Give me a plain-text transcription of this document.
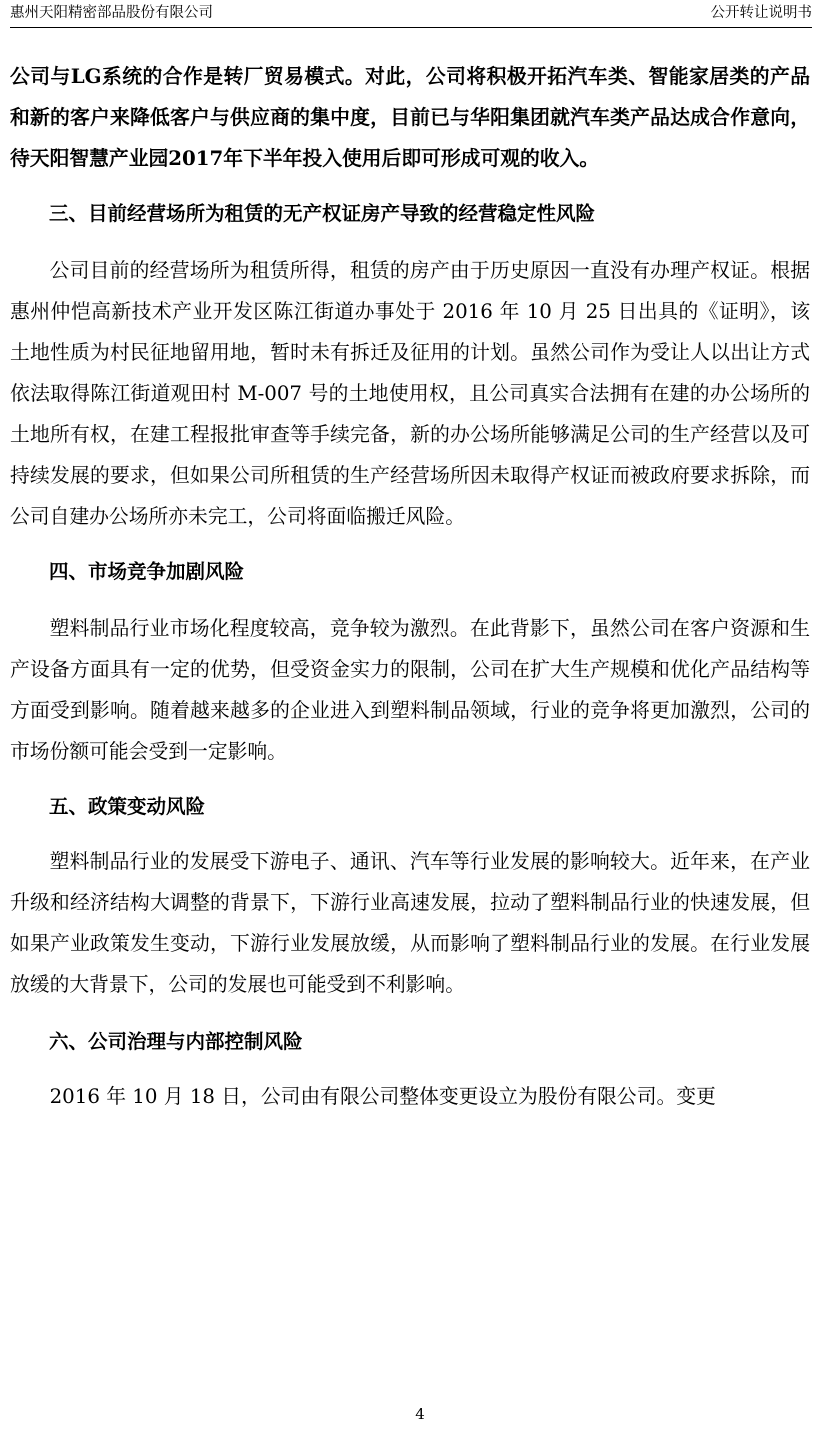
惠州天阳精密部品股份有限公司	公开转让说明书

公司与LG系统的合作是转厂贸易模式。对此，公司将积极开拓汽车类、智能家居类的产品和新的客户来降低客户与供应商的集中度，目前已与华阳集团就汽车类产品达成合作意向，待天阳智慧产业园2017年下半年投入使用后即可形成可观的收入。

三、目前经营场所为租赁的无产权证房产导致的经营稳定性风险

公司目前的经营场所为租赁所得，租赁的房产由于历史原因一直没有办理产权证。根据惠州仲恺高新技术产业开发区陈江街道办事处于 2016 年 10 月 25 日出具的《证明》，该土地性质为村民征地留用地，暂时未有拆迁及征用的计划。虽然公司作为受让人以出让方式依法取得陈江街道观田村 M-007 号的土地使用权，且公司真实合法拥有在建的办公场所的土地所有权，在建工程报批审查等手续完备，新的办公场所能够满足公司的生产经营以及可持续发展的要求，但如果公司所租赁的生产经营场所因未取得产权证而被政府要求拆除，而公司自建办公场所亦未完工，公司将面临搬迁风险。

四、市场竞争加剧风险

塑料制品行业市场化程度较高，竞争较为激烈。在此背影下，虽然公司在客户资源和生产设备方面具有一定的优势，但受资金实力的限制，公司在扩大生产规模和优化产品结构等方面受到影响。随着越来越多的企业进入到塑料制品领域，行业的竞争将更加激烈，公司的市场份额可能会受到一定影响。

五、政策变动风险

塑料制品行业的发展受下游电子、通讯、汽车等行业发展的影响较大。近年来，在产业升级和经济结构大调整的背景下，下游行业高速发展，拉动了塑料制品行业的快速发展，但如果产业政策发生变动，下游行业发展放缓，从而影响了塑料制品行业的发展。在行业发展放缓的大背景下，公司的发展也可能受到不利影响。

六、公司治理与内部控制风险

2016 年 10 月 18 日，公司由有限公司整体变更设立为股份有限公司。变更

4
